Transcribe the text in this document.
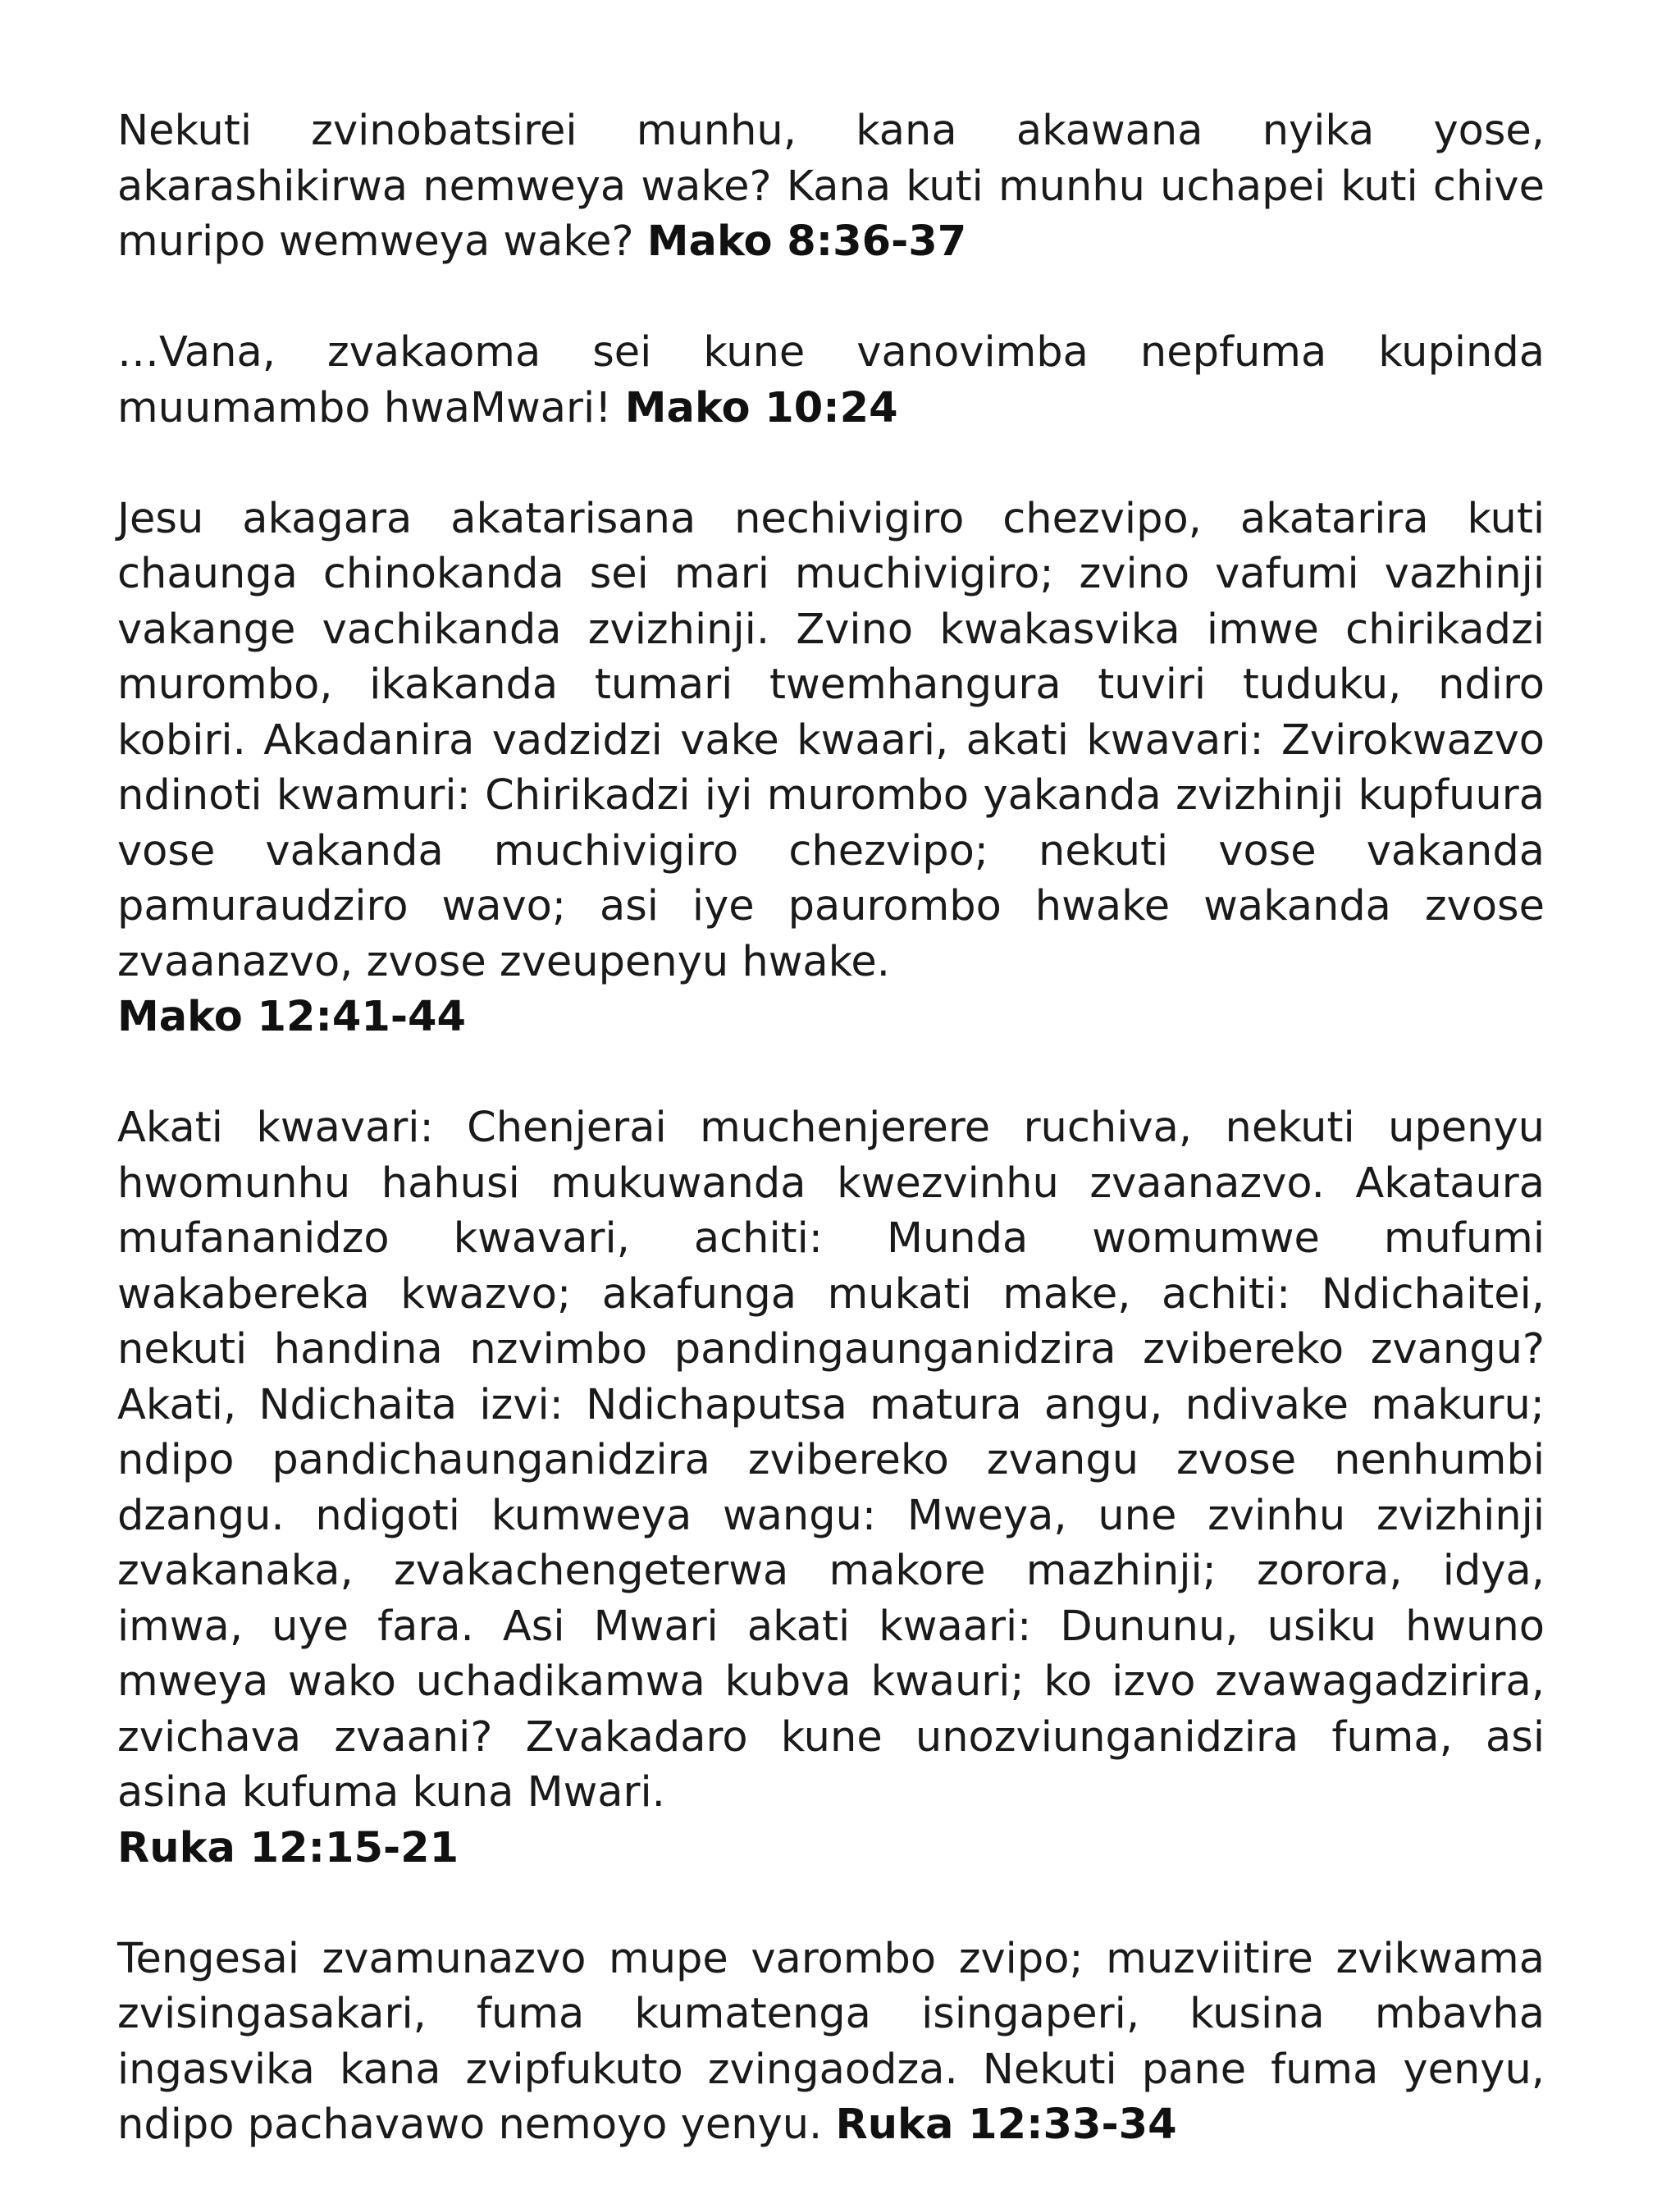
Nekuti zvinobatsirei munhu, kana akawana nyika yose, akarashikirwa nemweya wake? Kana kuti munhu uchapei kuti chive muripo wemweya wake? Mako 8:36-37

…Vana, zvakaoma sei kune vanovimba nepfuma kupinda muumambo hwaMwari! Mako 10:24

Jesu akagara akatarisana nechivigiro chezvipo, akatarira kuti chaunga chinokanda sei mari muchivigiro; zvino vafumi vazhinji vakange vachikanda zvizhinji. Zvino kwakasvika imwe chirikadzi murombo, ikakanda tumari twemhangura tuviri tuduku, ndiro kobiri. Akadanira vadzidzi vake kwaari, akati kwavari: Zvirokwazvo ndinoti kwamuri: Chirikadzi iyi murombo yakanda zvizhinji kupfuura vose vakanda muchivigiro chezvipo; nekuti vose vakanda pamuraudziro wavo; asi iye paurombo hwake wakanda zvose zvaanazvo, zvose zveupenyu hwake.
Mako 12:41-44

Akati kwavari: Chenjerai muchenjerere ruchiva, nekuti upenyu hwomunhu hahusi mukuwanda kwezvinhu zvaanazvo. Akataura mufananidzo kwavari, achiti: Munda womumwe mufumi wakabereka kwazvo; akafunga mukati make, achiti: Ndichaitei, nekuti handina nzvimbo pandingaunganidzira zvibereko zvangu? Akati, Ndichaita izvi: Ndichaputsa matura angu, ndivake makuru; ndipo pandichaunganidzira zvibereko zvangu zvose nenhumbi dzangu. ndigoti kumweya wangu: Mweya, une zvinhu zvizhinji zvakanaka, zvakachengeterwa makore mazhinji; zorora, idya, imwa, uye fara. Asi Mwari akati kwaari: Dununu, usiku hwuno mweya wako uchadikamwa kubva kwauri; ko izvo zvawagadzirira, zvichava zvaani? Zvakadaro kune unozviunganidzira fuma, asi asina kufuma kuna Mwari.
Ruka 12:15-21

Tengesai zvamunazvo mupe varombo zvipo; muzviitire zvikwama zvisingasakari, fuma kumatenga isingaperi, kusina mbavha ingasvika kana zvipfukuto zvingaodza. Nekuti pane fuma yenyu, ndipo pachavawo nemoyo yenyu. Ruka 12:33-34
